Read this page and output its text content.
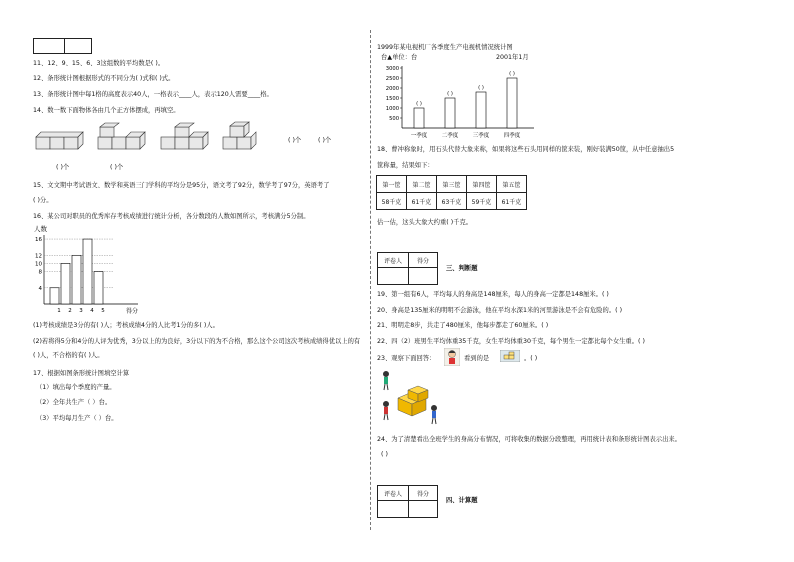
11、12、9、15、6、3这组数的平均数是( )。
12、条形统计图根据形式的不同分为( )式和( )式。
13、条形统计图中每1格的高度表示40人，一格表示____人，表示120人需要____格。
14、数一数下面物体各由几个正方体摆成，再填空。
( )个	( )个
( )个	( )个
15、文文期中考试语文、数学和英语三门学科的平均分是95分，语文考了92分，数学考了97分，英语考了
( )分。
16、某公司对职员的优秀库存考核成绩进行统计分析，各分数段的人数如图所示，考核满分5分制。
人数
得分
4
8
10
12
16
1 2 3 4 5
(1)考核成绩是3分的有( )人；考核成绩4分的人比考1分的多( )人。
(2)若将得5分和4分的人评为优秀，3分以上的为良好，3分以下的为不合格，那么这个公司这次考核成绩得优以上的有
( )人，不合格的有( )人。
17、根据如图条形统计图填空计算
（1）填出每个季度的产量。
（2）全年共生产（ ）台。
（3）平均每月生产（ ）台。
1999年某电视机厂各季度生产电视机情况统计图
台▲单位：台	2001年1月
500
1000
1500
2000
2500
3000
( )
一季度
( )
二季度
( )
三季度
( )
四季度
18、曹冲称象时，用石头代替大象来称，如果将这些石头用同样的筐来装，刚好装满50筐，从中任意抽出5
筐称量，结果如下：
第一筐	第二筐	第三筐	第四筐	第五筐
58千克	61千克	63千克	59千克	61千克
估一估，这头大象大约重( )千克。
评卷人	得分

三、判断题
19、第一组有6人，平均每人的身高是148厘米，每人的身高一定都是148厘米。( )
20、身高是135厘米的明明不会游泳，他在平均水深1米的河里游泳是不会有危险的。( )
21、明明走8步，共走了480厘米，他每步都走了60厘米。( )
22、四（2）班男生平均体重35千克，女生平均体重30千克，每个男生一定都比每个女生重。( )
23、观察下面回答：	看到的是	。( )
24、为了清楚看出全班学生的身高分布情况，可将收集的数据分段整理，再用统计表和条形统计图表示出来。
( )
评卷人	得分

四、计算题
